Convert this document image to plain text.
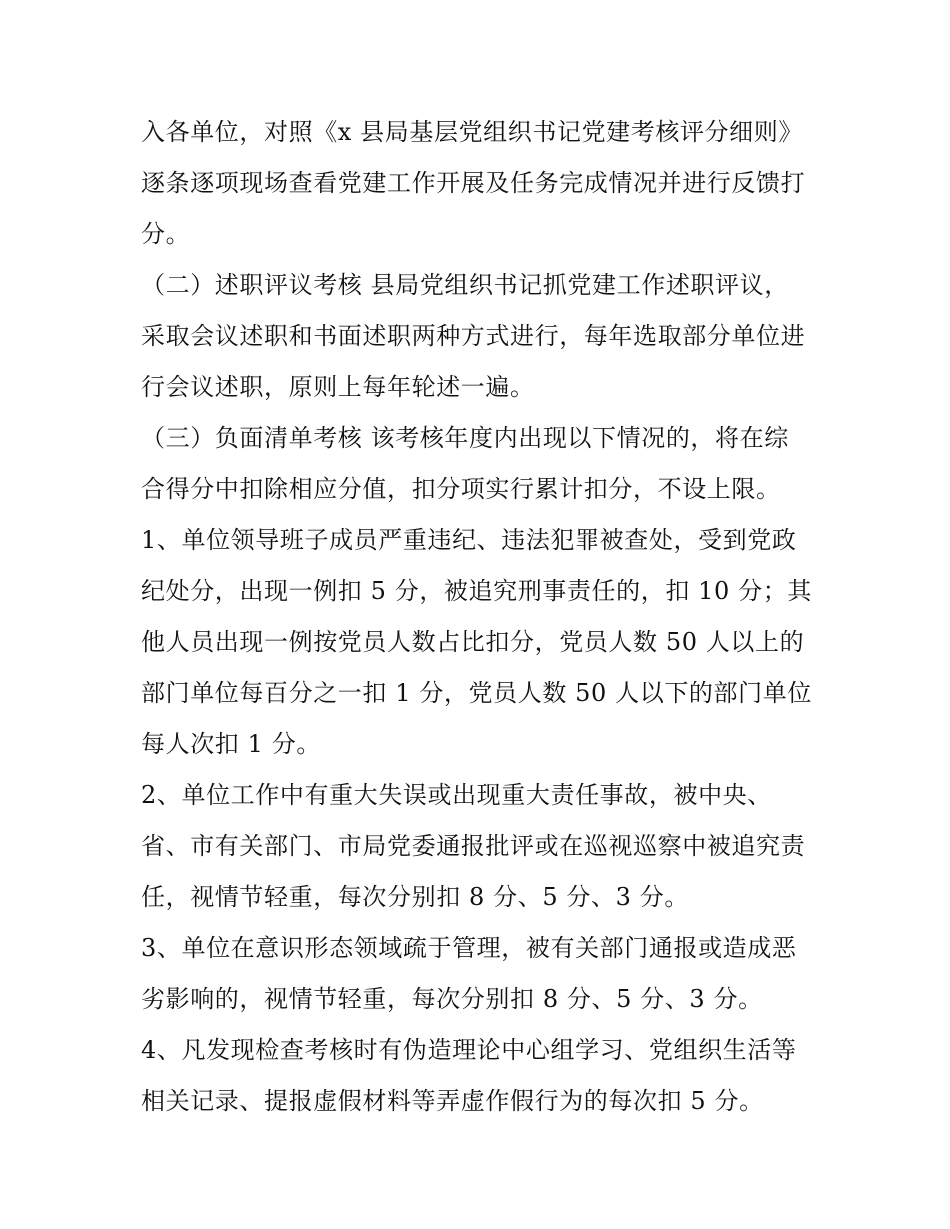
入各单位，对照《x 县局基层党组织书记党建考核评分细则》
逐条逐项现场查看党建工作开展及任务完成情况并进行反馈打
分。
（二）述职评议考核 县局党组织书记抓党建工作述职评议，
采取会议述职和书面述职两种方式进行，每年选取部分单位进
行会议述职，原则上每年轮述一遍。
（三）负面清单考核 该考核年度内出现以下情况的，将在综
合得分中扣除相应分值，扣分项实行累计扣分，不设上限。
1、单位领导班子成员严重违纪、违法犯罪被查处，受到党政
纪处分，出现一例扣 5 分，被追究刑事责任的，扣 10 分；其
他人员出现一例按党员人数占比扣分，党员人数 50 人以上的
部门单位每百分之一扣 1 分，党员人数 50 人以下的部门单位
每人次扣 1 分。
2、单位工作中有重大失误或出现重大责任事故，被中央、
省、市有关部门、市局党委通报批评或在巡视巡察中被追究责
任，视情节轻重，每次分别扣 8 分、5 分、3 分。
3、单位在意识形态领域疏于管理，被有关部门通报或造成恶
劣影响的，视情节轻重，每次分别扣 8 分、5 分、3 分。
4、凡发现检查考核时有伪造理论中心组学习、党组织生活等
相关记录、提报虚假材料等弄虚作假行为的每次扣 5 分。
